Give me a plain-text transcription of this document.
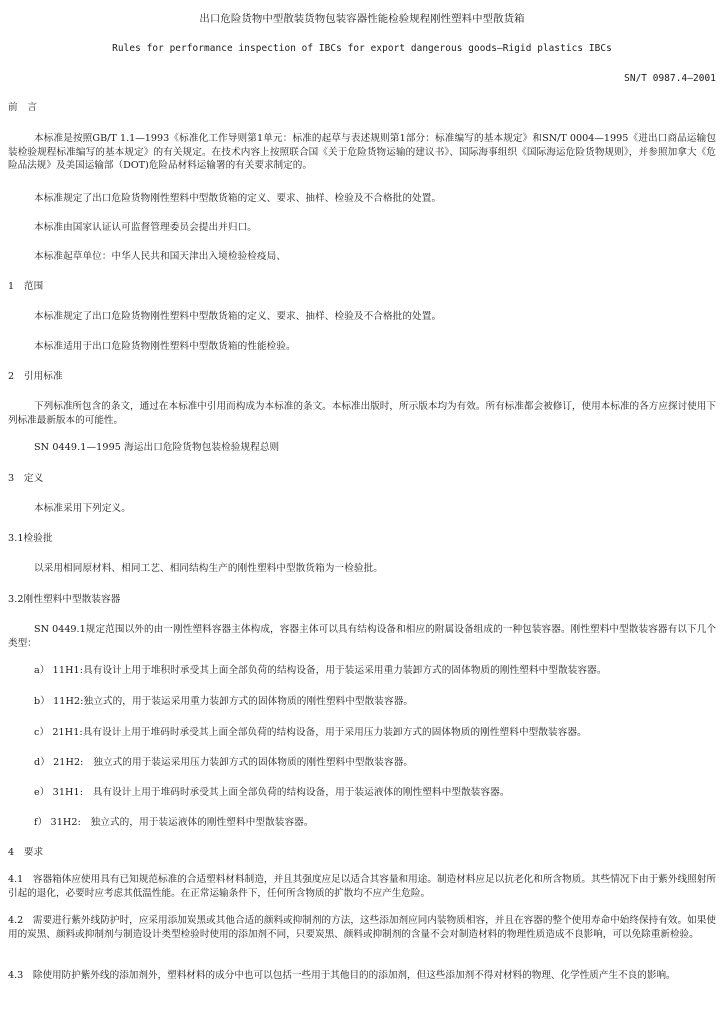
出口危险货物中型散装货物包装容器性能检验规程刚性塑料中型散货箱
Rules for performance inspection of IBCs for export dangerous goods—Rigid plastics IBCs
SN/T 0987.4—2001
前　言
本标准是按照GB/T 1.1—1993《标准化工作导则第1单元：标准的起草与表述规则第1部分：标准编写的基本规定》和SN/T 0004—1995《进出口商品运输包装检验规程标准编写的基本规定》的有关规定。在技术内容上按照联合国《关于危险货物运输的建议书》、国际海事组织《国际海运危险货物规则》，并参照加拿大《危险品法规》及美国运输部（DOT)危险品材料运输署的有关要求制定的。
本标准规定了出口危险货物刚性塑料中型散货箱的定义、要求、抽样、检验及不合格批的处置。
本标准由国家认证认可监督管理委员会提出并归口。
本标准起草单位：中华人民共和国天津出入境检验检疫局、
1　范围
本标准规定了出口危险货物刚性塑料中型散货箱的定义、要求、抽样、检验及不合格批的处置。
本标准适用于出口危险货物刚性塑料中型散货箱的性能检验。
2　引用标准
下列标准所包含的条文，通过在本标准中引用而构成为本标准的条文。本标准出版时，所示版本均为有效。所有标准都会被修订，使用本标准的各方应探讨使用下列标准最新版本的可能性。
SN 0449.1—1995 海运出口危险货物包装检验规程总则
3　定义
本标准采用下列定义。
3.1检验批
以采用相同原材料、相同工艺、相同结构生产的刚性塑料中型散货箱为一检验批。
3.2刚性塑料中型散装容器
SN 0449.1规定范围以外的由一刚性塑料容器主体构成，容器主体可以具有结构设备和相应的附属设备组成的一种包装容器。刚性塑料中型散装容器有以下几个类型：
a） 11H1:具有设计上用于堆积时承受其上面全部负荷的结构设备，用于装运采用重力装卸方式的固体物质的刚性塑料中型散装容器。
b） 11H2:独立式的，用于装运采用重力装卸方式的固体物质的刚性塑料中型散装容器。
c） 21H1:具有设计上用于堆码时承受其上面全部负荷的结构设备，用于采用压力装卸方式的固体物质的刚性塑料中型散装容器。
d） 21H2:　独立式的用于装运采用压力装卸方式的固体物质的刚性塑料中型散装容器。
e） 31H1:　具有设计上用于堆码时承受其上面全部负荷的结构设备，用于装运液体的刚性塑料中型散装容器。
f） 31H2:　独立式的，用于装运液体的刚性塑料中型散装容器。
4　要求
4.1　容器箱体应使用具有已知规范标准的合适塑料材料制造，并且其强度应足以适合其容量和用途。制造材料应足以抗老化和所含物质。其些情况下由于紫外线照射所引起的退化，必要时应考虑其低温性能。在正常运输条件下，任何所含物质的扩散均不应产生危险。
4.2　需要进行紫外线防护时，应采用添加炭黑或其他合适的颜料或抑制剂的方法，这些添加剂应同内装物质相容，并且在容器的整个使用寿命中始终保持有效。如果使用的炭黑、颜料或抑制剂与制造设计类型检验时使用的添加剂不同，只要炭黑、颜料或抑制剂的含量不会对制造材料的物理性质造成不良影响，可以免除重新检验。
4.3　除使用防护紫外线的添加剂外，塑料材料的成分中也可以包括一些用于其他目的的添加剂，但这些添加剂不得对材料的物理、化学性质产生不良的影响。
